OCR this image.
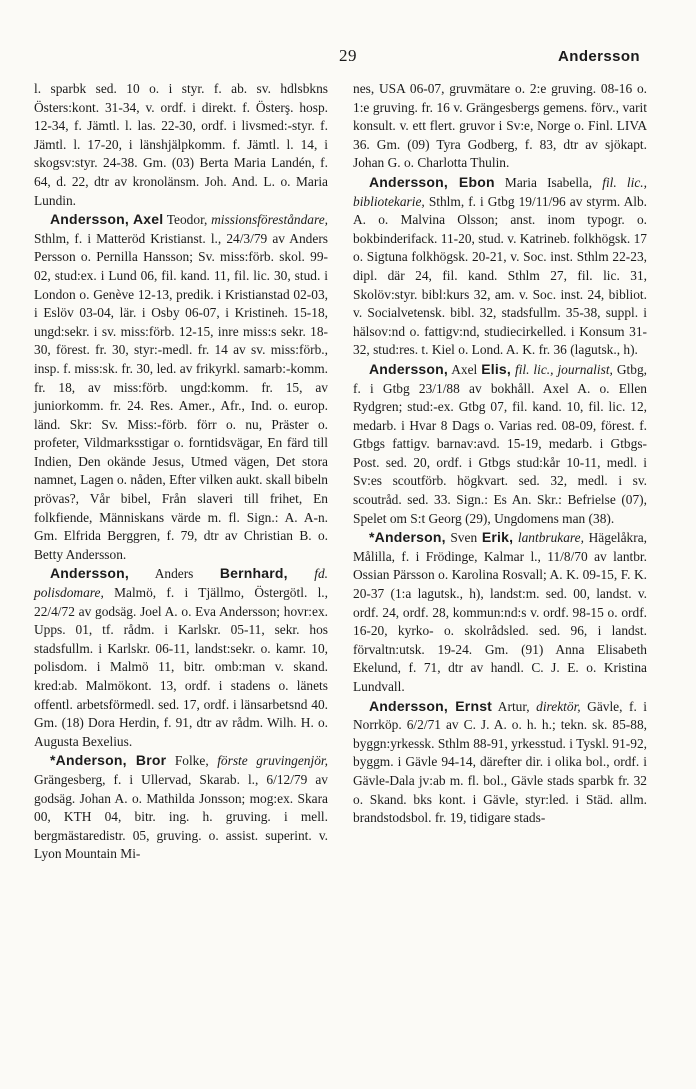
29	Andersson

l. sparbk sed. 10 o. i styr. f. ab. sv. hdlsbkns Östers:kont. 31-34, v. ordf. i direkt. f. Österş. hosp. 12-34, f. Jämtl. l. las. 22-30, ordf. i livsmed:-styr. f. Jämtl. l. 17-20, i länshjälpkomm. f. Jämtl. l. 14, i skogsv:styr. 24-38. Gm. (03) Berta Maria Landén, f. 64, d. 22, dtr av kronolänsm. Joh. And. L. o. Maria Lundin.

Andersson, Axel Teodor, missionsföreståndare, Sthlm, f. i Matteröd Kristianst. l., 24/3/79 av Anders Persson o. Pernilla Hansson; Sv. miss:förb. skol. 99-02, stud:ex. i Lund 06, fil. kand. 11, fil. lic. 30, stud. i London o. Genève 12-13, predik. i Kristianstad 02-03, i Eslöv 03-04, lär. i Osby 06-07, i Kristineh. 15-18, ungd:sekr. i sv. miss:förb. 12-15, inre miss:s sekr. 18-30, förest. fr. 30, styr:-medl. fr. 14 av sv. miss:förb., insp. f. miss:sk. fr. 30, led. av frikyrkl. samarb:-komm. fr. 18, av miss:förb. ungd:komm. fr. 15, av juniorkomm. fr. 24. Res. Amer., Afr., Ind. o. europ. länd. Skr: Sv. Miss:-förb. förr o. nu, Präster o. profeter, Vildmarksstigar o. forntidsvägar, En färd till Indien, Den okände Jesus, Utmed vägen, Det stora namnet, Lagen o. nåden, Efter vilken aukt. skall bibeln prövas?, Vår bibel, Från slaveri till frihet, En folkfiende, Människans värde m. fl. Sign.: A. A-n. Gm. Elfrida Berggren, f. 79, dtr av Christian B. o. Betty Andersson.

Andersson, Anders Bernhard, fd. polisdomare, Malmö, f. i Tjällmo, Östergötl. l., 22/4/72 av godsäg. Joel A. o. Eva Andersson; hovr:ex. Upps. 01, tf. rådm. i Karlskr. 05-11, sekr. hos stadsfullm. i Karlskr. 06-11, landst:sekr. o. kamr. 10, polisdom. i Malmö 11, bitr. omb:man v. skand. kred:ab. Malmökont. 13, ordf. i stadens o. länets offentl. arbetsförmedl. sed. 17, ordf. i länsarbetsnd 40. Gm. (18) Dora Herdin, f. 91, dtr av rådm. Wilh. H. o. Augusta Bexelius.

*Anderson, Bror Folke, förste gruvingenjör, Grängesberg, f. i Ullervad, Skarab. l., 6/12/79 av godsäg. Johan A. o. Mathilda Jonsson; mog:ex. Skara 00, KTH 04, bitr. ing. h. gruving. i mell. bergmästaredistr. 05, gruving. o. assist. superint. v. Lyon Mountain Mi-

nes, USA 06-07, gruvmätare o. 2:e gruving. 08-16 o. 1:e gruving. fr. 16 v. Grängesbergs gemens. förv., varit konsult. v. ett flert. gruvor i Sv:e, Norge o. Finl. LIVA 36. Gm. (09) Tyra Godberg, f. 83, dtr av sjökapt. Johan G. o. Charlotta Thulin.

Andersson, Ebon Maria Isabella, fil. lic., bibliotekarie, Sthlm, f. i Gtbg 19/11/96 av styrm. Alb. A. o. Malvina Olsson; anst. inom typogr. o. bokbinderifack. 11-20, stud. v. Katrineb. folkhögsk. 17 o. Sigtuna folkhögsk. 20-21, v. Soc. inst. Sthlm 22-23, dipl. där 24, fil. kand. Sthlm 27, fil. lic. 31, Skolöv:styr. bibl:kurs 32, am. v. Soc. inst. 24, bibliot. v. Socialvetensk. bibl. 32, stadsfullm. 35-38, suppl. i hälsov:nd o. fattigv:nd, studiecirkelled. i Konsum 31-32, stud:res. t. Kiel o. Lond. A. K. fr. 36 (lagutsk., h).

Andersson, Axel Elis, fil. lic., journalist, Gtbg, f. i Gtbg 23/1/88 av bokhåll. Axel A. o. Ellen Rydgren; stud:-ex. Gtbg 07, fil. kand. 10, fil. lic. 12, medarb. i Hvar 8 Dags o. Varias red. 08-09, förest. f. Gtbgs fattigv. barnav:avd. 15-19, medarb. i Gtbgs-Post. sed. 20, ordf. i Gtbgs stud:kår 10-11, medl. i Sv:es scoutförb. högkvart. sed. 32, medl. i sv. scoutråd. sed. 33. Sign.: Es An. Skr.: Befrielse (07), Spelet om S:t Georg (29), Ungdomens man (38).

*Anderson, Sven Erik, lantbrukare, Hägelåkra, Målilla, f. i Frödinge, Kalmar l., 11/8/70 av lantbr. Ossian Pärsson o. Karolina Rosvall; A. K. 09-15, F. K. 20-37 (1:a lagutsk., h), landst:m. sed. 00, landst. v. ordf. 24, ordf. 28, kommun:nd:s v. ordf. 98-15 o. ordf. 16-20, kyrko- o. skolrådsled. sed. 96, i landst. förvaltn:utsk. 19-24. Gm. (91) Anna Elisabeth Ekelund, f. 71, dtr av handl. C. J. E. o. Kristina Lundvall.

Andersson, Ernst Artur, direktör, Gävle, f. i Norrköp. 6/2/71 av C. J. A. o. h. h.; tekn. sk. 85-88, byggn:yrkessk. Sthlm 88-91, yrkesstud. i Tyskl. 91-92, byggm. i Gävle 94-14, därefter dir. i olika bol., ordf. i Gävle-Dala jv:ab m. fl. bol., Gävle stads sparbk fr. 32 o. Skand. bks kont. i Gävle, styr:led. i Städ. allm. brandstodsbol. fr. 19, tidigare stads-
